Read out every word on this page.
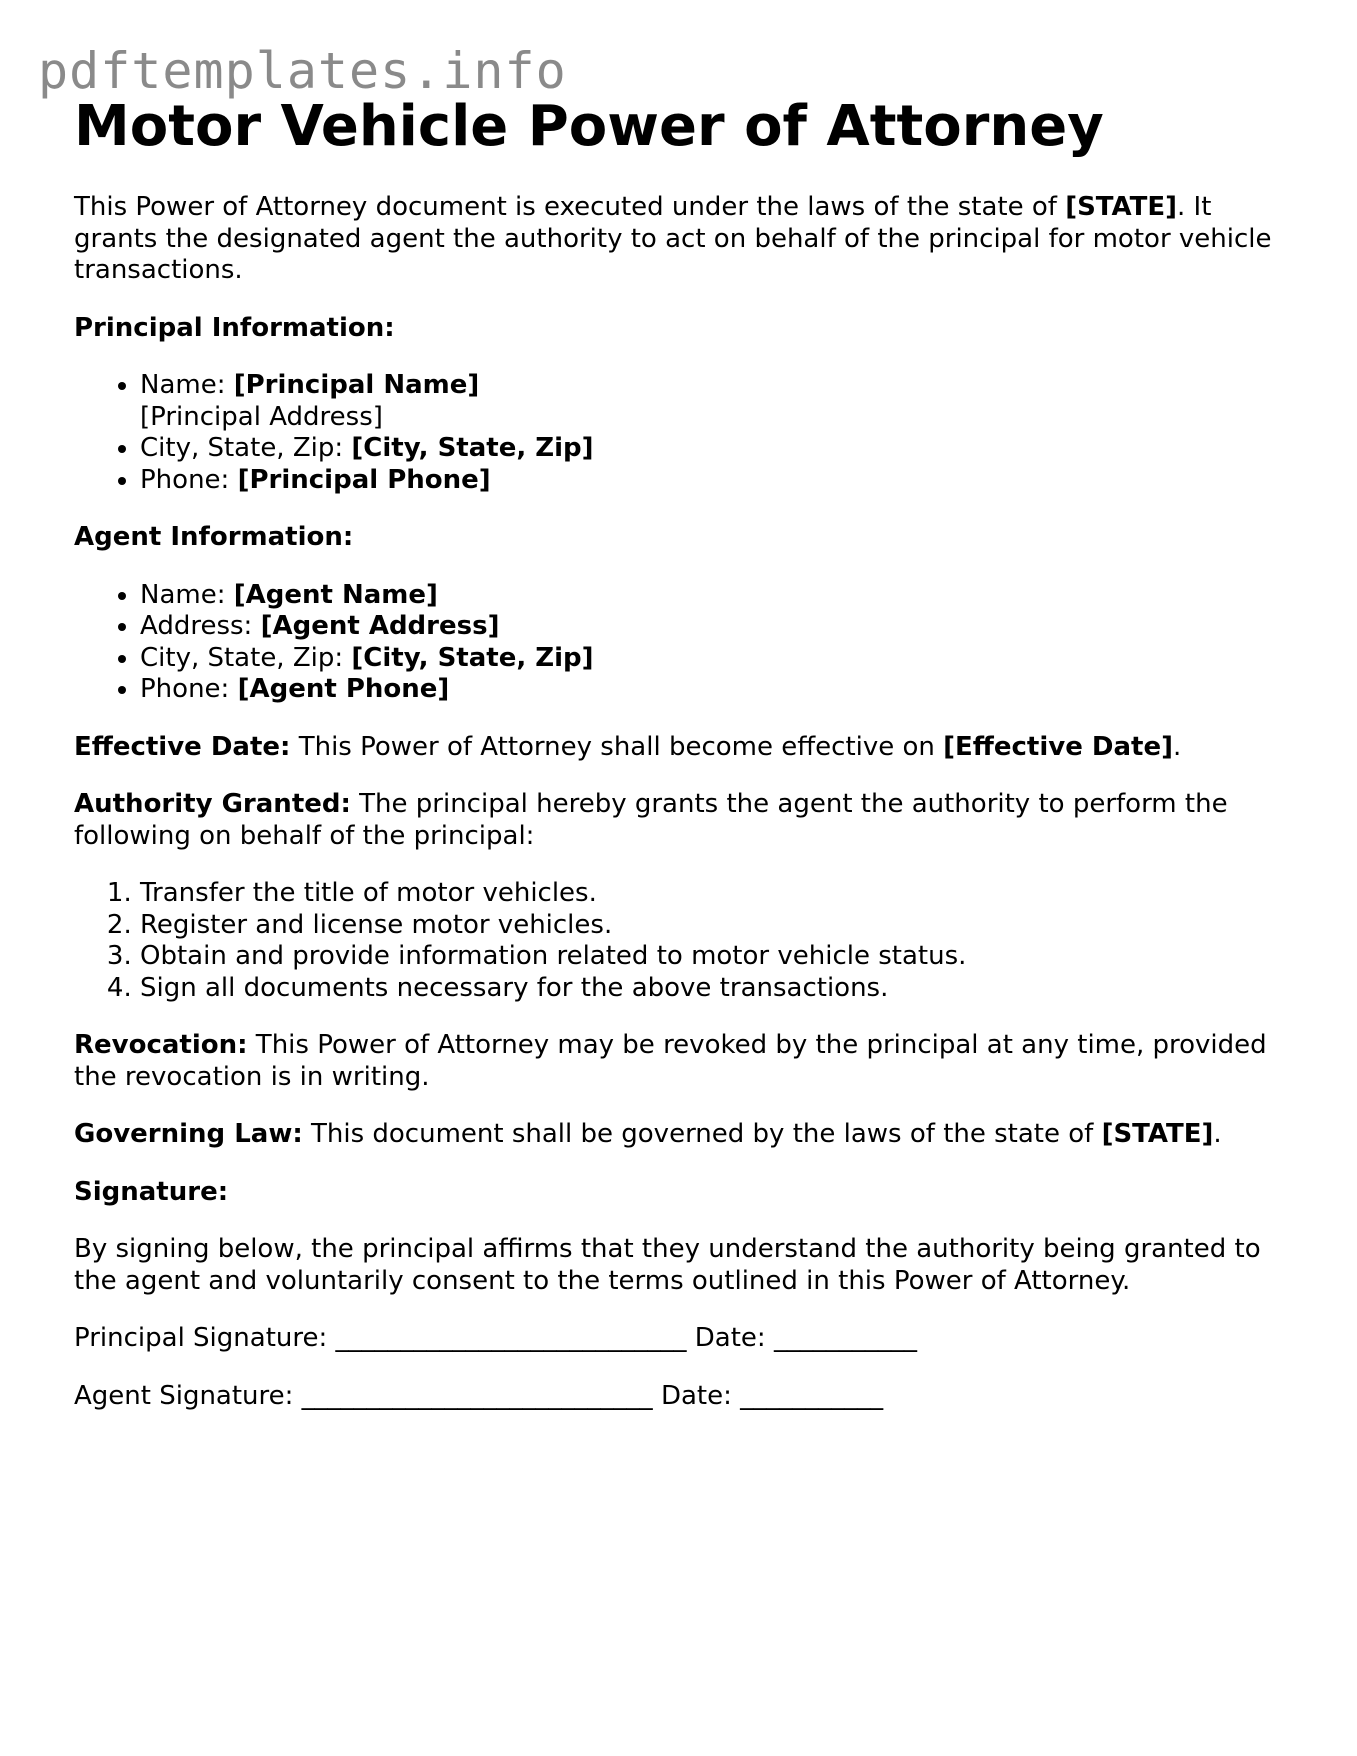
pdftemplates.info
Motor Vehicle Power of Attorney

This Power of Attorney document is executed under the laws of the state of [STATE]. It grants the designated agent the authority to act on behalf of the principal for motor vehicle transactions.

Principal Information:

• Name: [Principal Name]
[Principal Address]
• City, State, Zip: [City, State, Zip]
• Phone: [Principal Phone]

Agent Information:

• Name: [Agent Name]
• Address: [Agent Address]
• City, State, Zip: [City, State, Zip]
• Phone: [Agent Phone]

Effective Date: This Power of Attorney shall become effective on [Effective Date].

Authority Granted: The principal hereby grants the agent the authority to perform the following on behalf of the principal:

1. Transfer the title of motor vehicles.
2. Register and license motor vehicles.
3. Obtain and provide information related to motor vehicle status.
4. Sign all documents necessary for the above transactions.

Revocation: This Power of Attorney may be revoked by the principal at any time, provided the revocation is in writing.

Governing Law: This document shall be governed by the laws of the state of [STATE].

Signature:

By signing below, the principal affirms that they understand the authority being granted to the agent and voluntarily consent to the terms outlined in this Power of Attorney.

Principal Signature: ___________________________ Date: ___________

Agent Signature: ___________________________ Date: ___________
